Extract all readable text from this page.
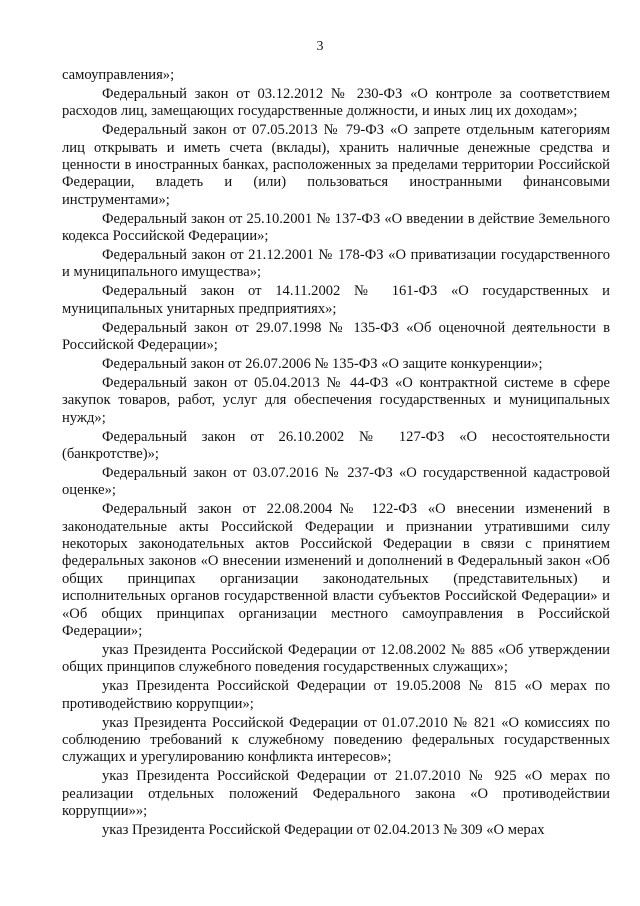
3

самоуправления»;

Федеральный закон от 03.12.2012 № 230-ФЗ «О контроле за соответствием расходов лиц, замещающих государственные должности, и иных лиц их доходам»;

Федеральный закон от 07.05.2013 № 79-ФЗ «О запрете отдельным категориям лиц открывать и иметь счета (вклады), хранить наличные денежные средства и ценности в иностранных банках, расположенных за пределами территории Российской Федерации, владеть и (или) пользоваться иностранными финансовыми инструментами»;

Федеральный закон от 25.10.2001 № 137-ФЗ «О введении в действие Земельного кодекса Российской Федерации»;

Федеральный закон от 21.12.2001 № 178-ФЗ «О приватизации государственного и муниципального имущества»;

Федеральный закон от 14.11.2002 № 161-ФЗ «О государственных и муниципальных унитарных предприятиях»;

Федеральный закон от 29.07.1998 № 135-ФЗ «Об оценочной деятельности в Российской Федерации»;

Федеральный закон от 26.07.2006 № 135-ФЗ «О защите конкуренции»;

Федеральный закон от 05.04.2013 № 44-ФЗ «О контрактной системе в сфере закупок товаров, работ, услуг для обеспечения государственных и муниципальных нужд»;

Федеральный закон от 26.10.2002 № 127-ФЗ «О несостоятельности (банкротстве)»;

Федеральный закон от 03.07.2016 № 237-ФЗ «О государственной кадастровой оценке»;

Федеральный закон от 22.08.2004№ 122-ФЗ «О внесении изменений в законодательные акты Российской Федерации и признании утратившими силу некоторых законодательных актов Российской Федерации в связи с принятием федеральных законов «О внесении изменений и дополнений в Федеральный закон «Об общих принципах организации законодательных (представительных) и исполнительных органов государственной власти субъектов Российской Федерации» и «Об общих принципах организации местного самоуправления в Российской Федерации»;

указ Президента Российской Федерации от 12.08.2002 № 885 «Об утверждении общих принципов служебного поведения государственных служащих»;

указ Президента Российской Федерации от 19.05.2008 № 815 «О мерах по противодействию коррупции»;

указ Президента Российской Федерации от 01.07.2010 № 821 «О комиссиях по соблюдению требований к служебному поведению федеральных государственных служащих и урегулированию конфликта интересов»;

указ Президента Российской Федерации от 21.07.2010 № 925 «О мерах по реализации отдельных положений Федерального закона «О противодействии коррупции»»;

указ Президента Российской Федерации от 02.04.2013 № 309 «О мерах
